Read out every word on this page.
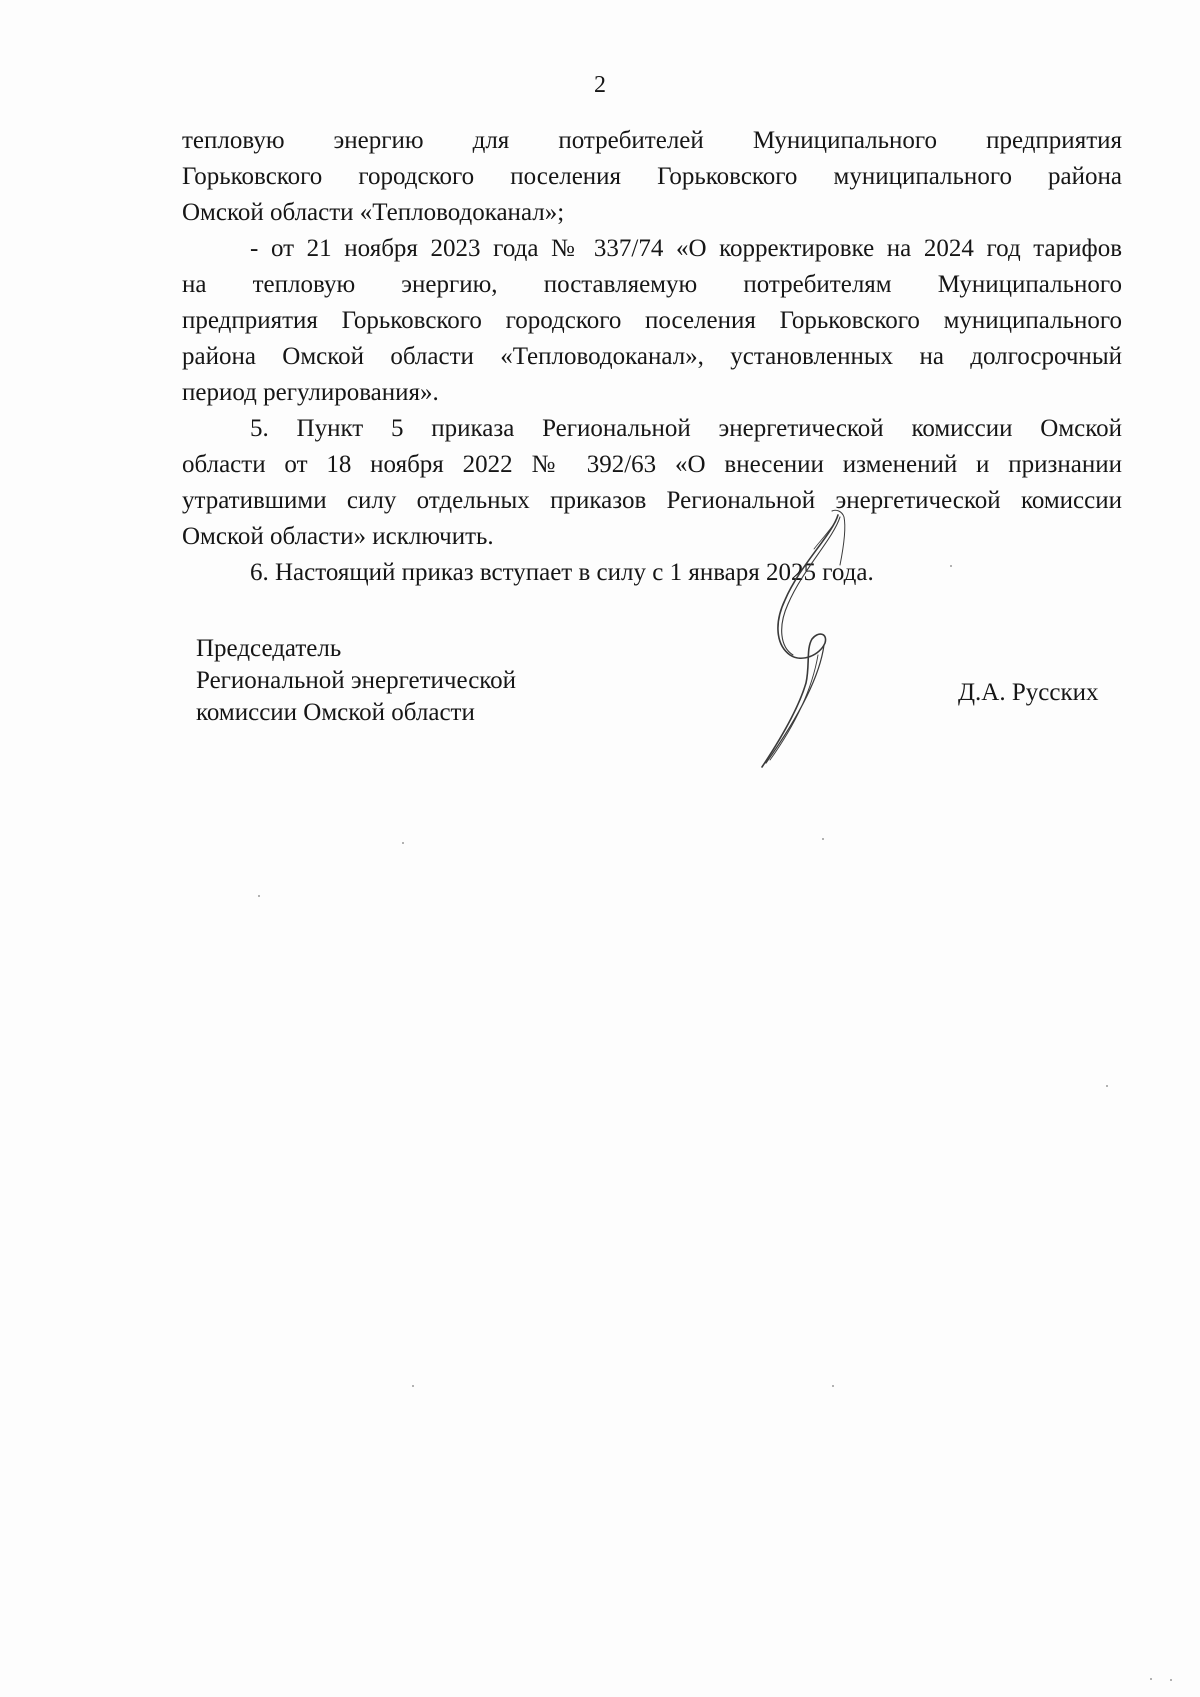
2
тепловую энергию для потребителей Муниципального предприятия
Горьковского городского поселения Горьковского муниципального района
Омской области «Тепловодоканал»;
- от 21 ноября 2023 года № 337/74 «О корректировке на 2024 год тарифов
на тепловую энергию, поставляемую потребителям Муниципального
предприятия Горьковского городского поселения Горьковского муниципального
района Омской области «Тепловодоканал», установленных на долгосрочный
период регулирования».
5. Пункт 5 приказа Региональной энергетической комиссии Омской
области от 18 ноября 2022 № 392/63 «О внесении изменений и признании
утратившими силу отдельных приказов Региональной энергетической комиссии
Омской области» исключить.
6. Настоящий приказ вступает в силу с 1 января 2025 года.
Председатель
Региональной энергетической
комиссии Омской области
Д.А. Русских
